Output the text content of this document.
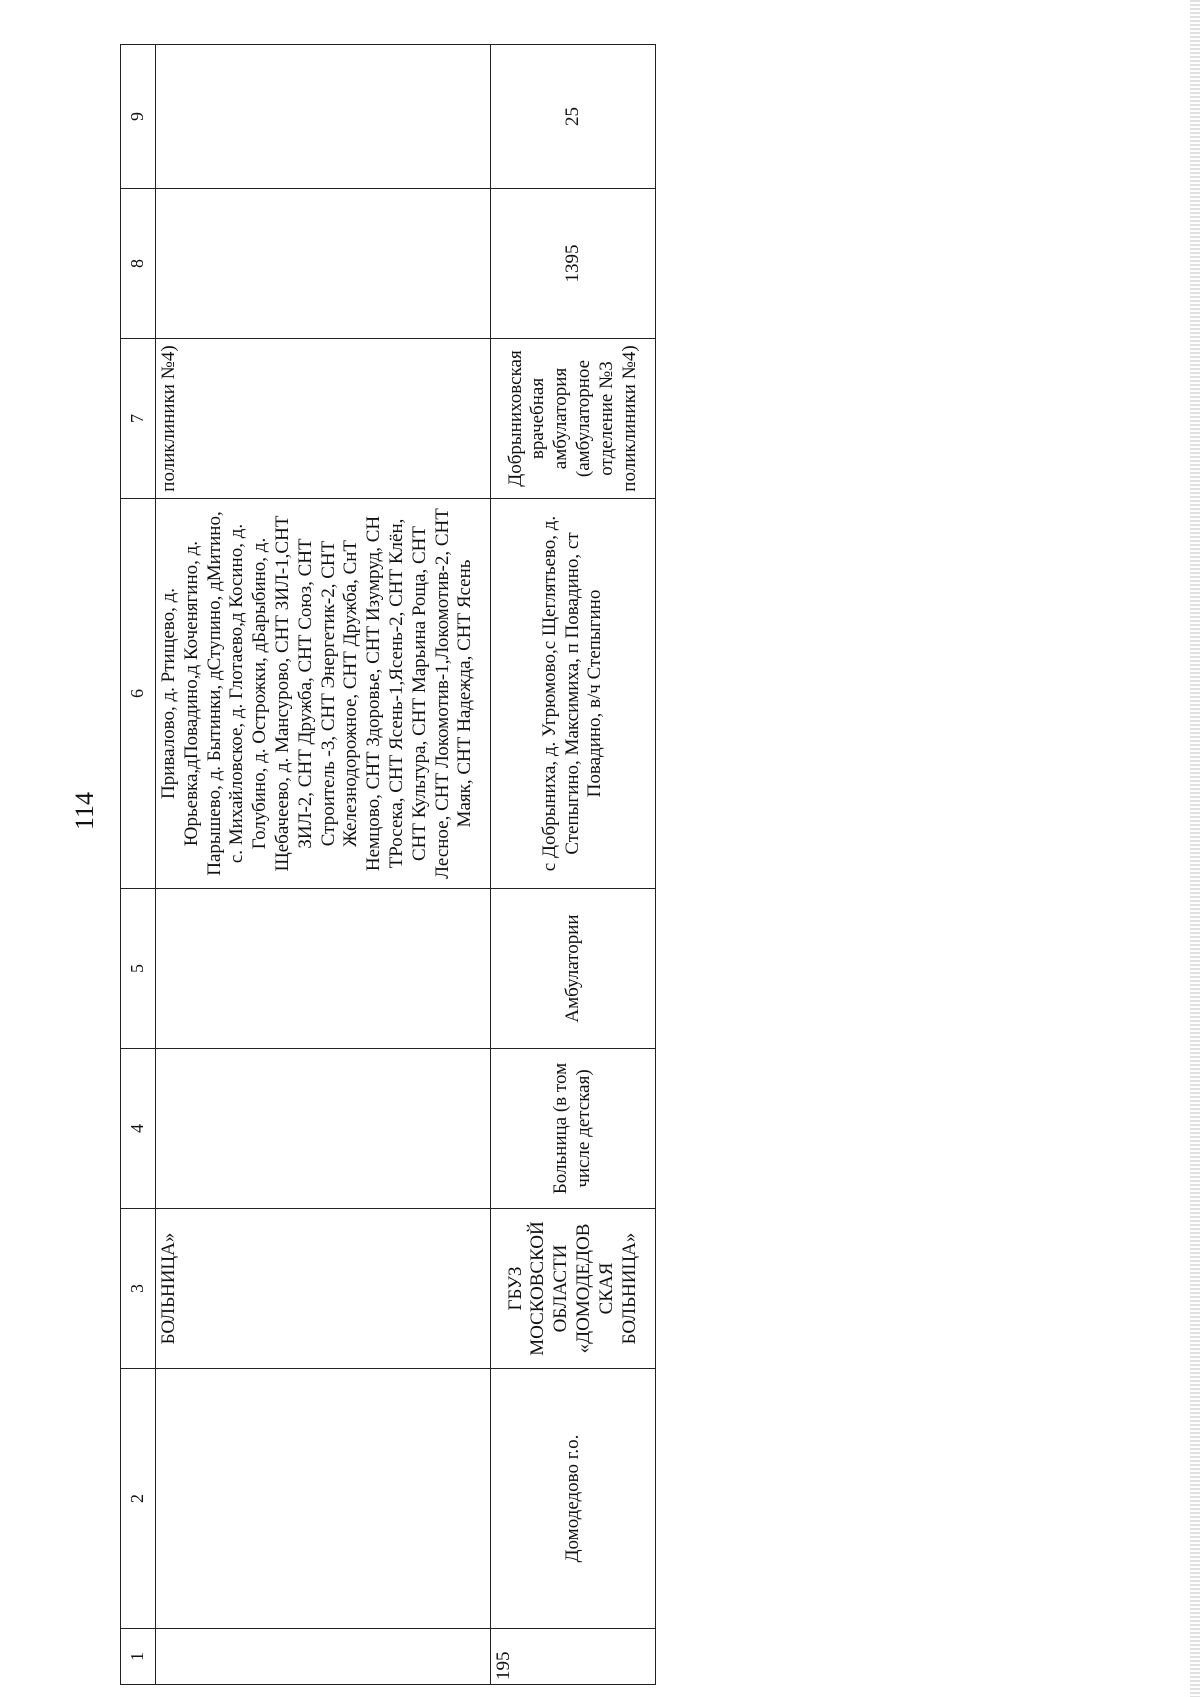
114
1	2	3	4	5	6	7	8	9
		БОЛЬНИЦА»			Привалово, д. Ртищево, д. Юрьевка,дПовадино,д Коченягино, д. Парышево, д. Бытинки, дСтупино, дМитино, с. Михайловское, д. Глотаево,д Косино, д. Голубино, д. Острожки, дБарыбино, д. Щебачеево, д. Мансурово, СНТ ЗИЛ-1,СНТ ЗИЛ-2, СНТ Дружба, СНТ Союз, СНТ Строитель -3, СНТ Энергетик-2, СНТ Железнодорожное, СНТ Дружба, СнТ Немцово, СНТ Здоровье, СНТ Изумруд, СН ТРосека, СНТ Ясень-1,Ясень-2, СНТ Клён, СНТ Культура, СНТ Марьина Роща, СНТ Лесное, СНТ Локомотив-1,Локомотив-2, СНТ Маяк, СНТ Надежда, СНТ Ясень	поликлиники №4)		
195	Домодедово г.о.	ГБУЗ МОСКОВСКОЙ ОБЛАСТИ «ДОМОДЕДОВ СКАЯ БОЛЬНИЦА»	Больница (в том числе детская)	Амбулатории	с Добрыниха, д. Угрюмово,с Щеглятьево, д. Степыгино, Максимиха, п Повадино, ст Повадино, в/ч Степыгино	Добрыниховская врачебная амбулатория (амбулаторное отделение №3 поликлиники №4)	1395	25
